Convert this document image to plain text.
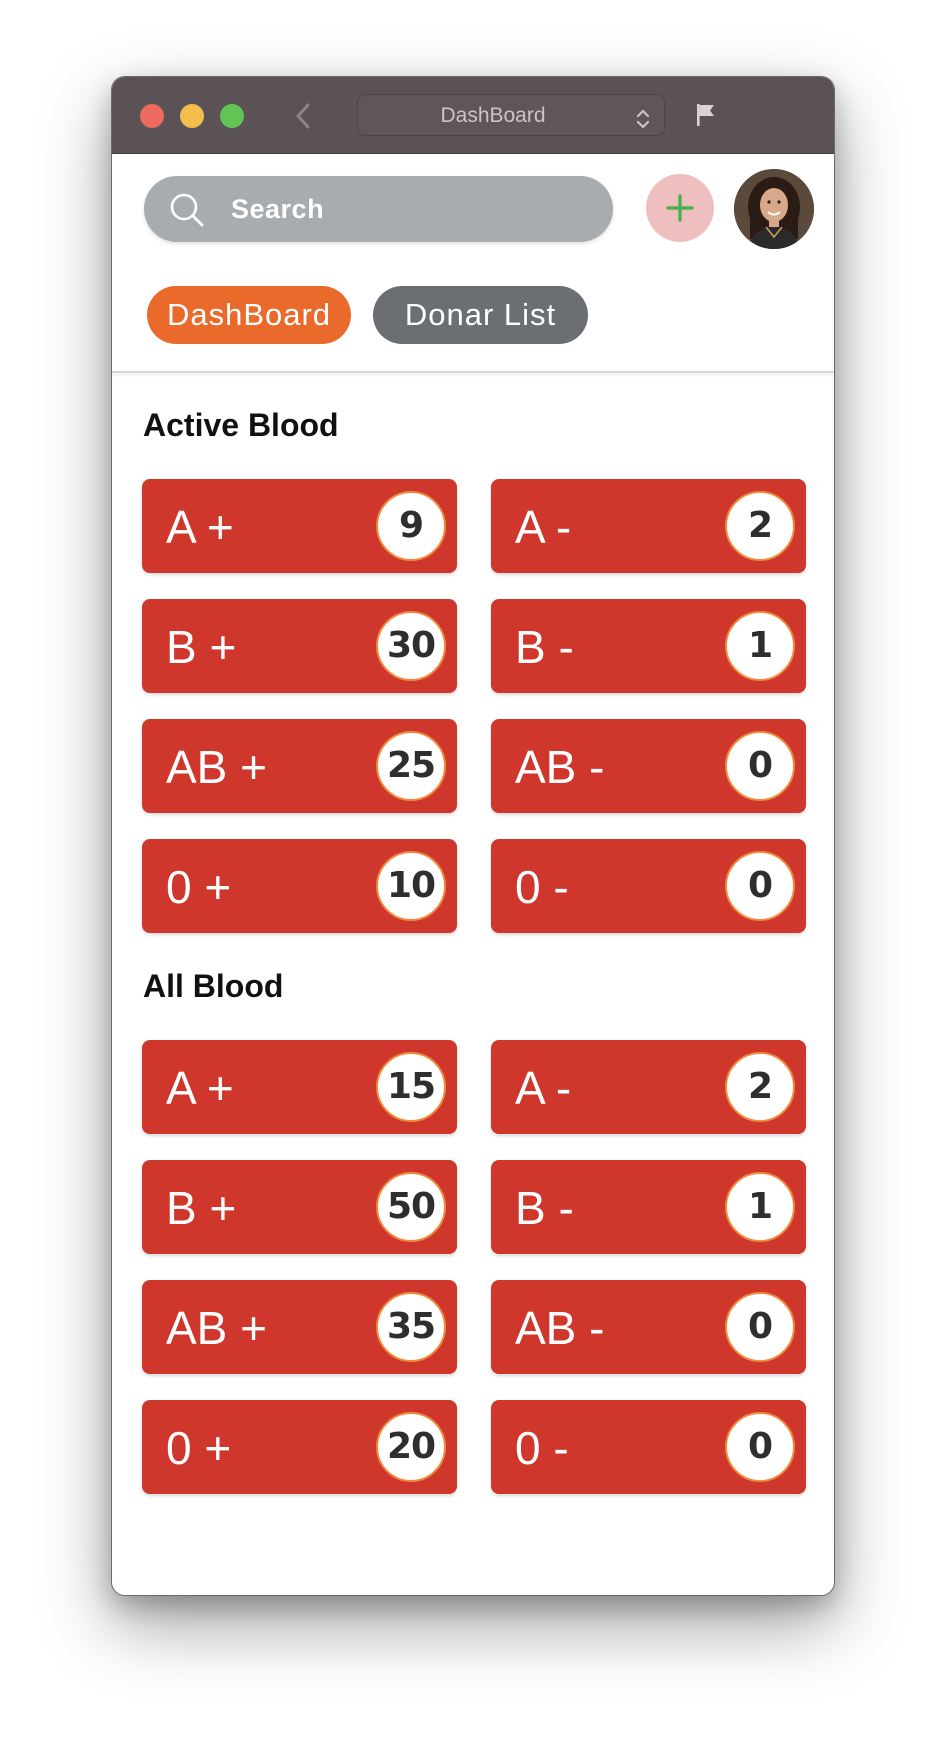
DashBoard
Search
DashBoard	Donar List
Active Blood
A +	9	A -	2
B +	30 B -	1
AB +	25 AB -	0
0 +	10 0 -	0
All Blood
A +	15 A -	2
B +	50 B -	1
AB +	35 AB -	0
0 +	20 0 -	0
